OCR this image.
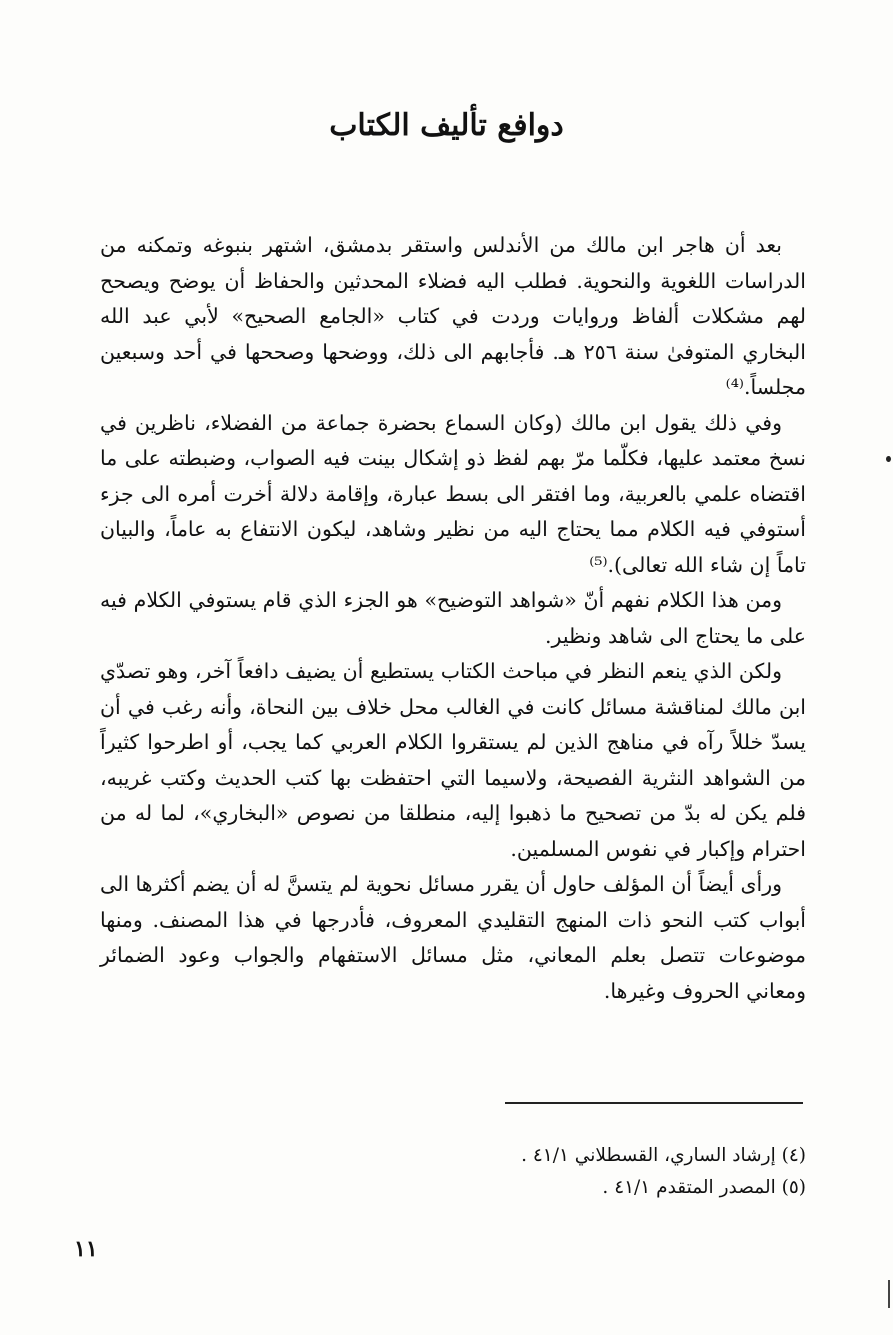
دوافع تأليف الكتاب

بعد أن هاجر ابن مالك من الأندلس واستقر بدمشق، اشتهر بنبوغه وتمكنه من الدراسات اللغوية والنحوية. فطلب اليه فضلاء المحدثين والحفاظ أن يوضح ويصحح لهم مشكلات ألفاظ وروايات وردت في كتاب «الجامع الصحيح» لأبي عبد الله البخاري المتوفىٰ سنة ٢٥٦ هـ. فأجابهم الى ذلك، ووضحها وصححها في أحد وسبعين مجلساً.⁽⁴⁾

وفي ذلك يقول ابن مالك (وكان السماع بحضرة جماعة من الفضلاء، ناظرين في نسخ معتمد عليها، فكلّما مرّ بهم لفظ ذو إشكال بينت فيه الصواب، وضبطته على ما اقتضاه علمي بالعربية، وما افتقر الى بسط عبارة، وإقامة دلالة أخرت أمره الى جزء أستوفي فيه الكلام مما يحتاج اليه من نظير وشاهد، ليكون الانتفاع به عاماً، والبيان تاماً إن شاء الله تعالى).⁽⁵⁾

ومن هذا الكلام نفهم أنّ «شواهد التوضيح» هو الجزء الذي قام يستوفي الكلام فيه على ما يحتاج الى شاهد ونظير.

ولكن الذي ينعم النظر في مباحث الكتاب يستطيع أن يضيف دافعاً آخر، وهو تصدّي ابن مالك لمناقشة مسائل كانت في الغالب محل خلاف بين النحاة، وأنه رغب في أن يسدّ خللاً رآه في مناهج الذين لم يستقروا الكلام العربي كما يجب، أو اطرحوا كثيراً من الشواهد النثرية الفصيحة، ولاسيما التي احتفظت بها كتب الحديث وكتب غريبه، فلم يكن له بدّ من تصحيح ما ذهبوا إليه، منطلقا من نصوص «البخاري»، لما له من احترام وإكبار في نفوس المسلمين.

ورأى أيضاً أن المؤلف حاول أن يقرر مسائل نحوية لم يتسنَّ له أن يضم أكثرها الى أبواب كتب النحو ذات المنهج التقليدي المعروف، فأدرجها في هذا المصنف. ومنها موضوعات تتصل بعلم المعاني، مثل مسائل الاستفهام والجواب وعود الضمائر ومعاني الحروف وغيرها.

(٤) إرشاد الساري، القسطلاني ٤١/١ .

(٥) المصدر المتقدم ٤١/١ .

١١
